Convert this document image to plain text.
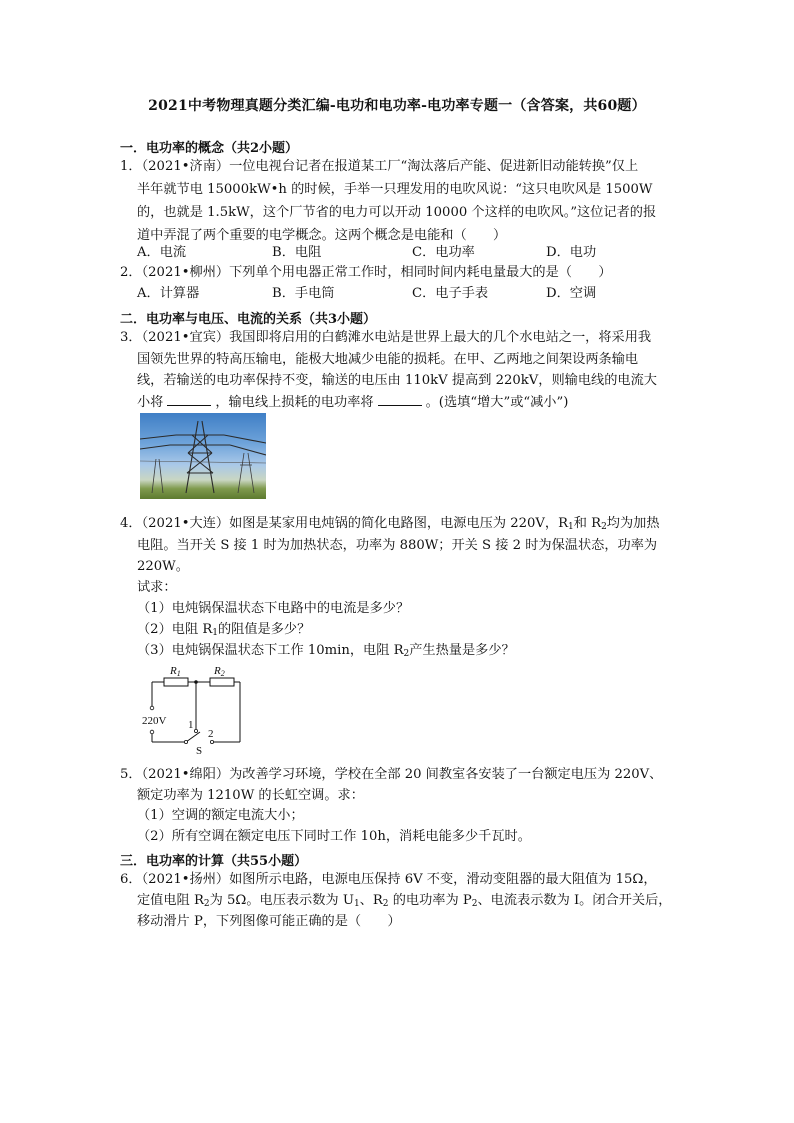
2021中考物理真题分类汇编-电功和电功率-电功率专题一（含答案，共60题）
一．电功率的概念（共2小题）
1．（2021•济南）一位电视台记者在报道某工厂“淘汰落后产能、促进新旧动能转换”仅上
半年就节电 15000kW•h 的时候，手举一只理发用的电吹风说：“这只电吹风是 1500W
的，也就是 1.5kW，这个厂节省的电力可以开动 10000 个这样的电吹风。”这位记者的报
道中弄混了两个重要的电学概念。这两个概念是电能和（　　）
A．电流	B．电阻	C．电功率	D．电功
2．（2021•柳州）下列单个用电器正常工作时，相同时间内耗电量最大的是（　　）
A．计算器	B．手电筒	C．电子手表	D．空调
二．电功率与电压、电流的关系（共3小题）
3．（2021•宜宾）我国即将启用的白鹤滩水电站是世界上最大的几个水电站之一，将采用我
国领先世界的特高压输电，能极大地减少电能的损耗。在甲、乙两地之间架设两条输电
线，若输送的电功率保持不变，输送的电压由 110kV 提高到 220kV，则输电线的电流大
小将	，输电线上损耗的电功率将	。(选填“增大”或“减小”)
4．（2021•大连）如图是某家用电炖锅的简化电路图，电源电压为 220V，$R_1$和 $R_2$均为加热
电阻。当开关 S 接 1 时为加热状态，功率为 880W；开关 S 接 2 时为保温状态，功率为
220W。
试求：
（1）电炖锅保温状态下电路中的电流是多少？
（2）电阻 $R_1$的阻值是多少？
（3）电炖锅保温状态下工作 10min，电阻 $R_2$产生热量是多少？
R1	R2
220V 1
2
S
5．（2021•绵阳）为改善学习环境，学校在全部 20 间教室各安装了一台额定电压为 220V、
额定功率为 1210W 的长虹空调。求：
（1）空调的额定电流大小；
（2）所有空调在额定电压下同时工作 10h，消耗电能多少千瓦时。
三．电功率的计算（共55小题）
6．（2021•扬州）如图所示电路，电源电压保持 6V 不变，滑动变阻器的最大阻值为 15Ω，
定值电阻 $R_2$为 5Ω。电压表示数为 $U_1$、$R_2$ 的电功率为 $P_2$、电流表示数为 I。闭合开关后，
移动滑片 P，下列图像可能正确的是（　　）
